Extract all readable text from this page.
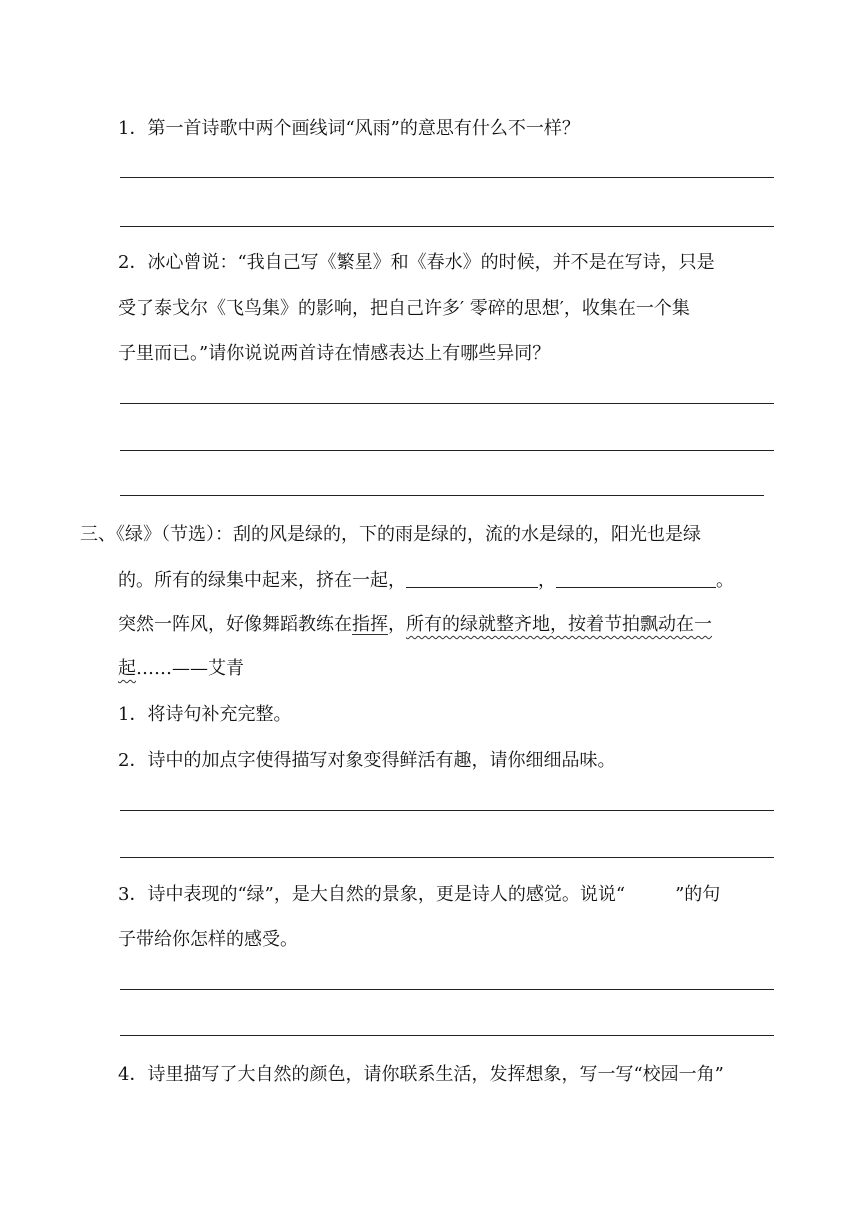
1．第一首诗歌中两个画线词“风雨”的意思有什么不一样？
2．冰心曾说：“我自己写《繁星》和《春水》的时候，并不是在写诗，只是
受了泰戈尔《飞鸟集》的影响，把自己许多′ 零碎的思想′，收集在一个集
子里而已。”请你说说两首诗在情感表达上有哪些异同？
三、《绿》（节选）：刮的风是绿的，下的雨是绿的，流的水是绿的，阳光也是绿
的。所有的绿集中起来，挤在一起，	，	。
突然一阵风，好像舞蹈教练在指挥，所有的绿就整齐地，按着节拍飘动在一
起……——艾青
1．将诗句补充完整。
2．诗中的加点字使得描写对象变得鲜活有趣，请你细细品味。
3．诗中表现的“绿”，是大自然的景象，更是诗人的感觉。说说“	”的句
子带给你怎样的感受。
4．诗里描写了大自然的颜色，请你联系生活，发挥想象，写一写“校园一角”
